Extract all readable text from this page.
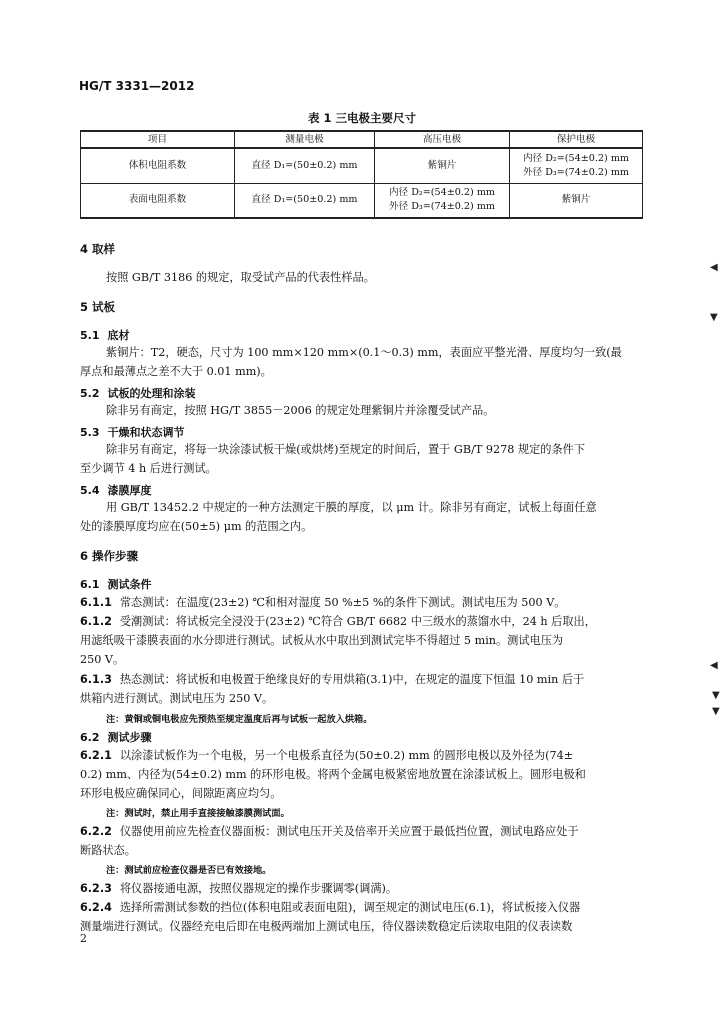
HG/T 3331—2012
表 1 三电极主要尺寸
项目	测量电极	高压电极	保护电极
体积电阻系数	直径 D₁=(50±0.2) mm	紫铜片	内径 D₂=(54±0.2) mm
外径 D₃=(74±0.2) mm

表面电阻系数	直径 D₁=(50±0.2) mm	内径 D₂=(54±0.2) mm
外径 D₃=(74±0.2) mm	紫铜片
4 取样
按照 GB/T 3186 的规定，取受试产品的代表性样品。
5 试板
5.1 底材
紫铜片：T2，硬态，尺寸为 100 mm×120 mm×(0.1～0.3) mm，表面应平整光滑、厚度均匀一致(最
厚点和最薄点之差不大于 0.01 mm)。
5.2 试板的处理和涂装
除非另有商定，按照 HG/T 3855－2006 的规定处理紫铜片并涂覆受试产品。
5.3 干燥和状态调节
除非另有商定，将每一块涂漆试板干燥(或烘烤)至规定的时间后，置于 GB/T 9278 规定的条件下
至少调节 4 h 后进行测试。
5.4 漆膜厚度
用 GB/T 13452.2 中规定的一种方法测定干膜的厚度，以 μm 计。除非另有商定，试板上每面任意
处的漆膜厚度均应在(50±5) μm 的范围之内。
6 操作步骤
6.1 测试条件
6.1.1 常态测试：在温度(23±2) ℃和相对湿度 50 %±5 %的条件下测试。测试电压为 500 V。
6.1.2 受潮测试：将试板完全浸没于(23±2) ℃符合 GB/T 6682 中三级水的蒸馏水中，24 h 后取出，
用滤纸吸干漆膜表面的水分即进行测试。试板从水中取出到测试完毕不得超过 5 min。测试电压为
250 V。
6.1.3 热态测试：将试板和电极置于绝缘良好的专用烘箱(3.1)中，在规定的温度下恒温 10 min 后于
烘箱内进行测试。测试电压为 250 V。
注：黄铜或铜电极应先预热至规定温度后再与试板一起放入烘箱。
6.2 测试步骤
6.2.1 以涂漆试板作为一个电极，另一个电极系直径为(50±0.2) mm 的圆形电极以及外径为(74±
0.2) mm、内径为(54±0.2) mm 的环形电极。将两个金属电极紧密地放置在涂漆试板上。圆形电极和
环形电极应确保同心，间隙距离应均匀。
注：测试时，禁止用手直接接触漆膜测试面。
6.2.2 仪器使用前应先检查仪器面板：测试电压开关及倍率开关应置于最低挡位置，测试电路应处于
断路状态。
注：测试前应检查仪器是否已有效接地。
6.2.3 将仪器接通电源，按照仪器规定的操作步骤调零(调满)。
6.2.4 选择所需测试参数的挡位(体积电阻或表面电阻)，调至规定的测试电压(6.1)，将试板接入仪器
测量端进行测试。仪器经充电后即在电极两端加上测试电压，待仪器读数稳定后读取电阻的仪表读数
2
◀
▼
◀
▼
▼
